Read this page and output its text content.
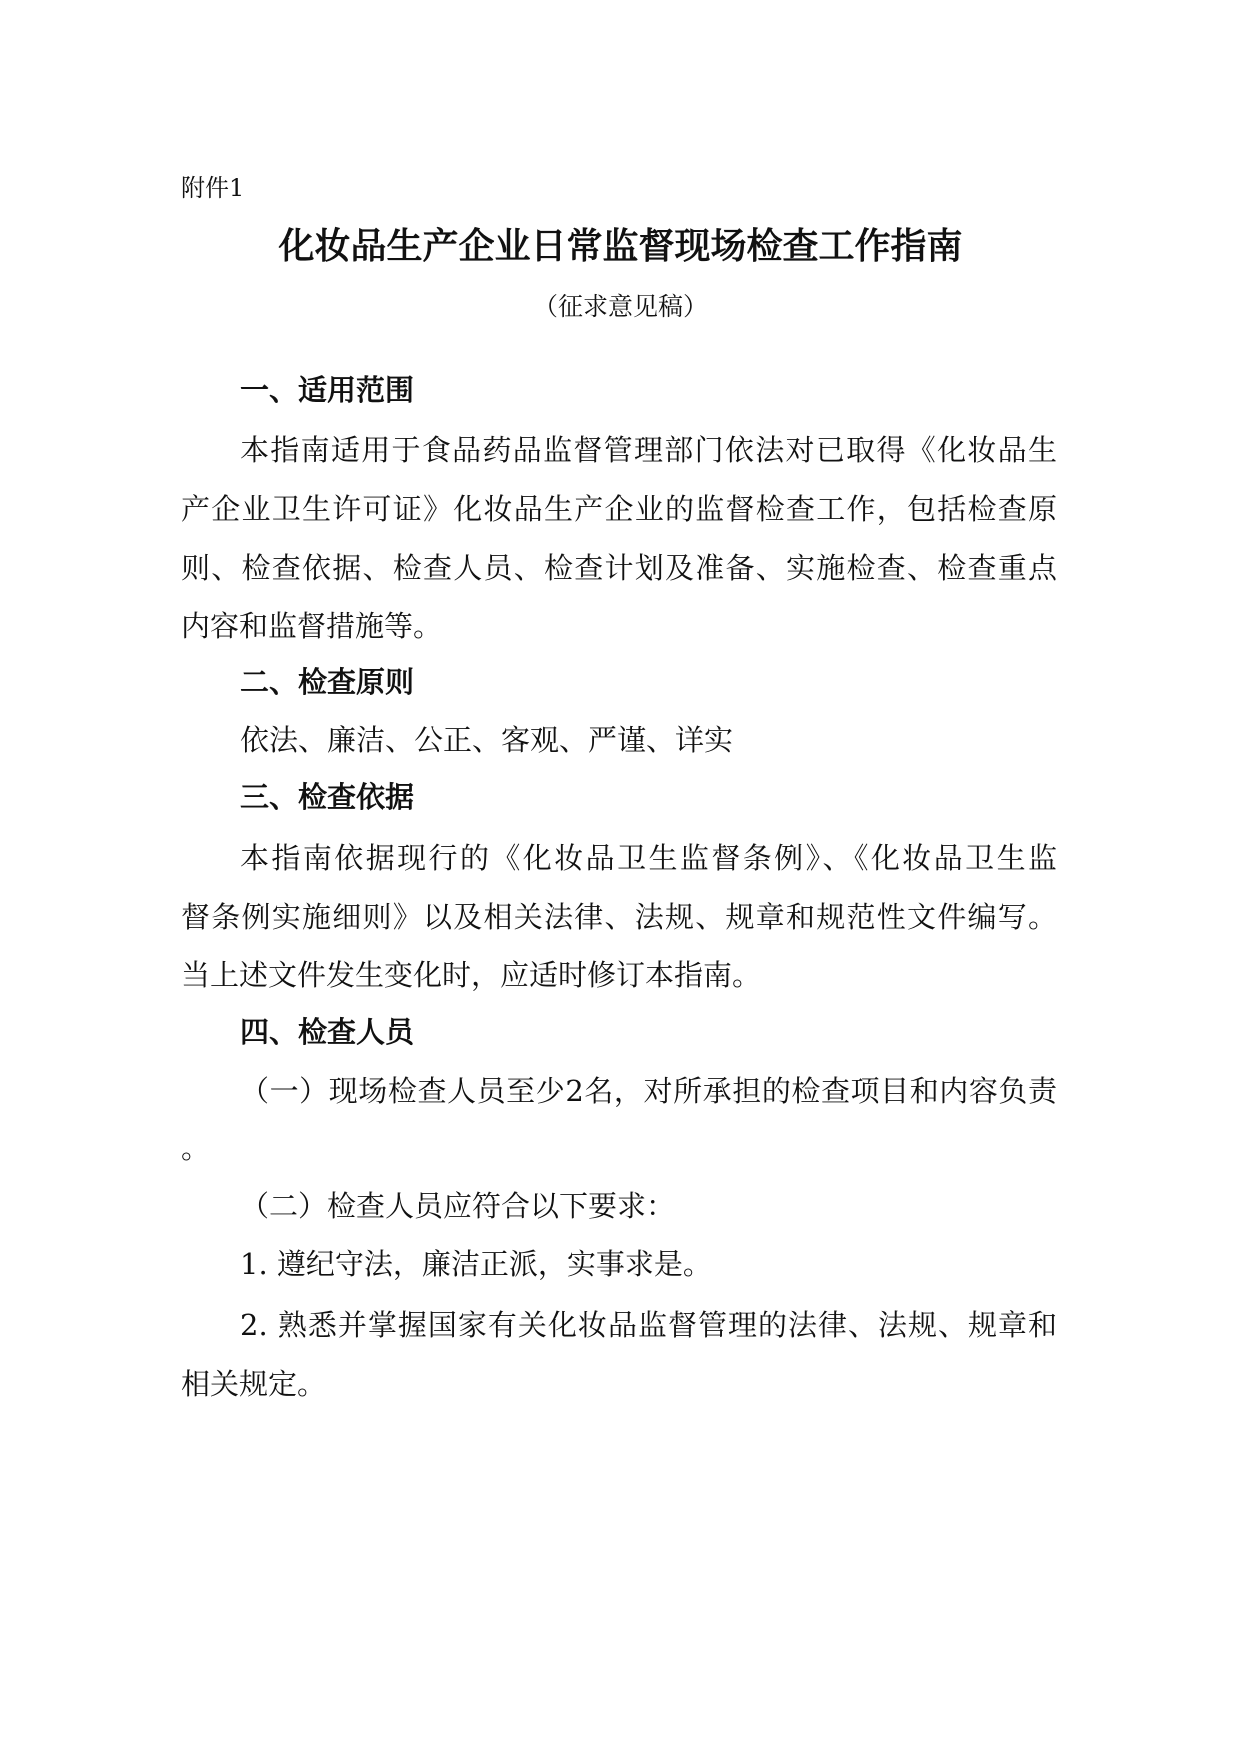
附件1
化妆品生产企业日常监督现场检查工作指南
（征求意见稿）
一、适用范围
本指南适用于食品药品监督管理部门依法对已取得《化妆品生
产企业卫生许可证》化妆品生产企业的监督检查工作，包括检查原
则、检查依据、检查人员、检查计划及准备、实施检查、检查重点
内容和监督措施等。
二、检查原则
依法、廉洁、公正、客观、严谨、详实
三、检查依据
本指南依据现行的《化妆品卫生监督条例》、《化妆品卫生监
督条例实施细则》以及相关法律、法规、规章和规范性文件编写。
当上述文件发生变化时，应适时修订本指南。
四、检查人员
（一）现场检查人员至少2名，对所承担的检查项目和内容负责
。
（二）检查人员应符合以下要求：
1. 遵纪守法，廉洁正派，实事求是。
2. 熟悉并掌握国家有关化妆品监督管理的法律、法规、规章和
相关规定。
